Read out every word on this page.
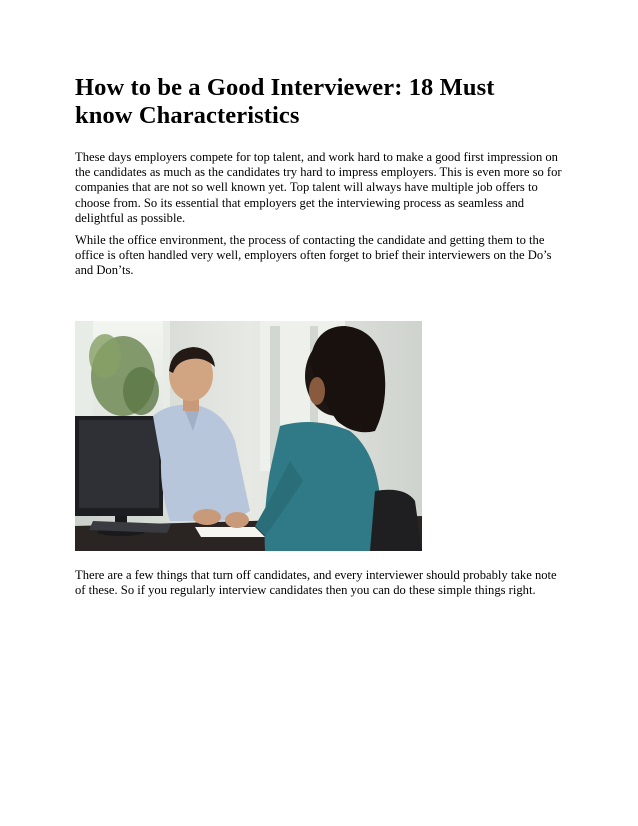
How to be a Good Interviewer: 18 Must know Characteristics

These days employers compete for top talent, and work hard to make a good first impression on the candidates as much as the candidates try hard to impress employers. This is even more so for companies that are not so well known yet. Top talent will always have multiple job offers to choose from. So its essential that employers get the interviewing process as seamless and delightful as possible.

While the office environment, the process of contacting the candidate and getting them to the office is often handled very well, employers often forget to brief their interviewers on the Do’s and Don’ts.

There are a few things that turn off candidates, and every interviewer should probably take note of these. So if you regularly interview candidates then you can do these simple things right.
